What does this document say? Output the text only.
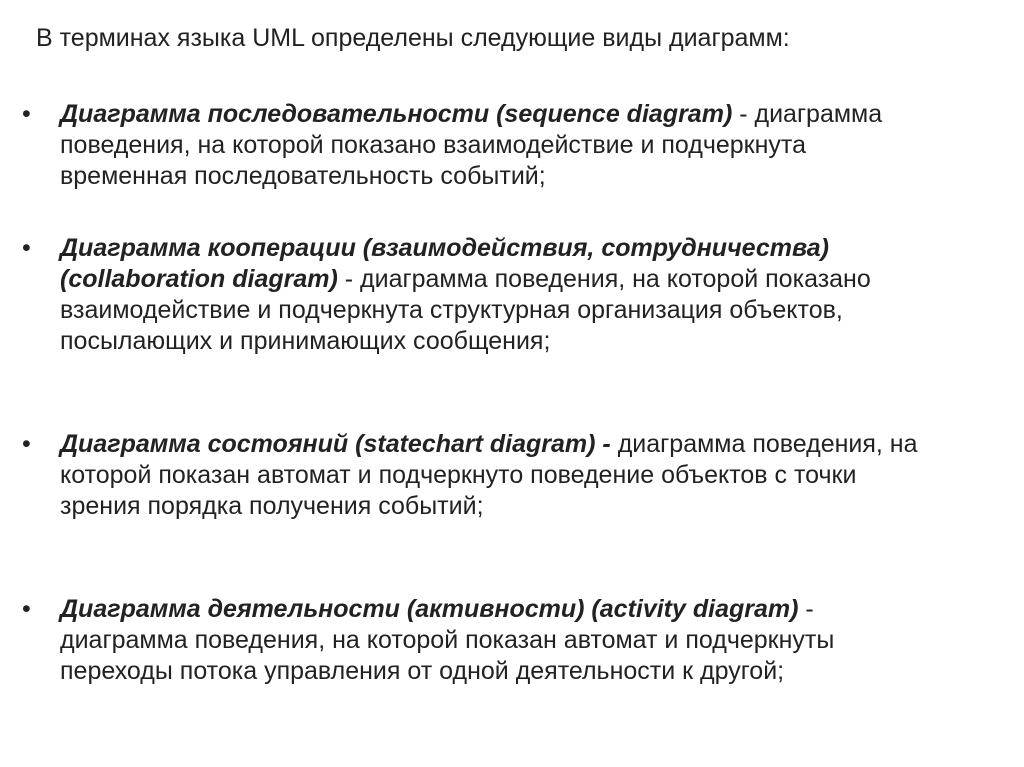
В терминах языка UML определены следующие виды диаграмм:
•	Диаграмма последовательности (sequence diagram) - диаграмма поведения, на которой показано взаимодействие и подчеркнута временная последовательность событий;
•	Диаграмма кооперации (взаимодействия, сотрудничества) (collaboration diagram) - диаграмма поведения, на которой показано взаимодействие и подчеркнута структурная организация объектов, посылающих и принимающих сообщения;
•	Диаграмма состояний (statechart diagram) - диаграмма поведения, на которой показан автомат и подчеркнуто поведение объектов с точки зрения порядка получения событий;
•	Диаграмма деятельности (активности) (activity diagram) - диаграмма поведения, на которой показан автомат и подчеркнуты переходы потока управления от одной деятельности к другой;
